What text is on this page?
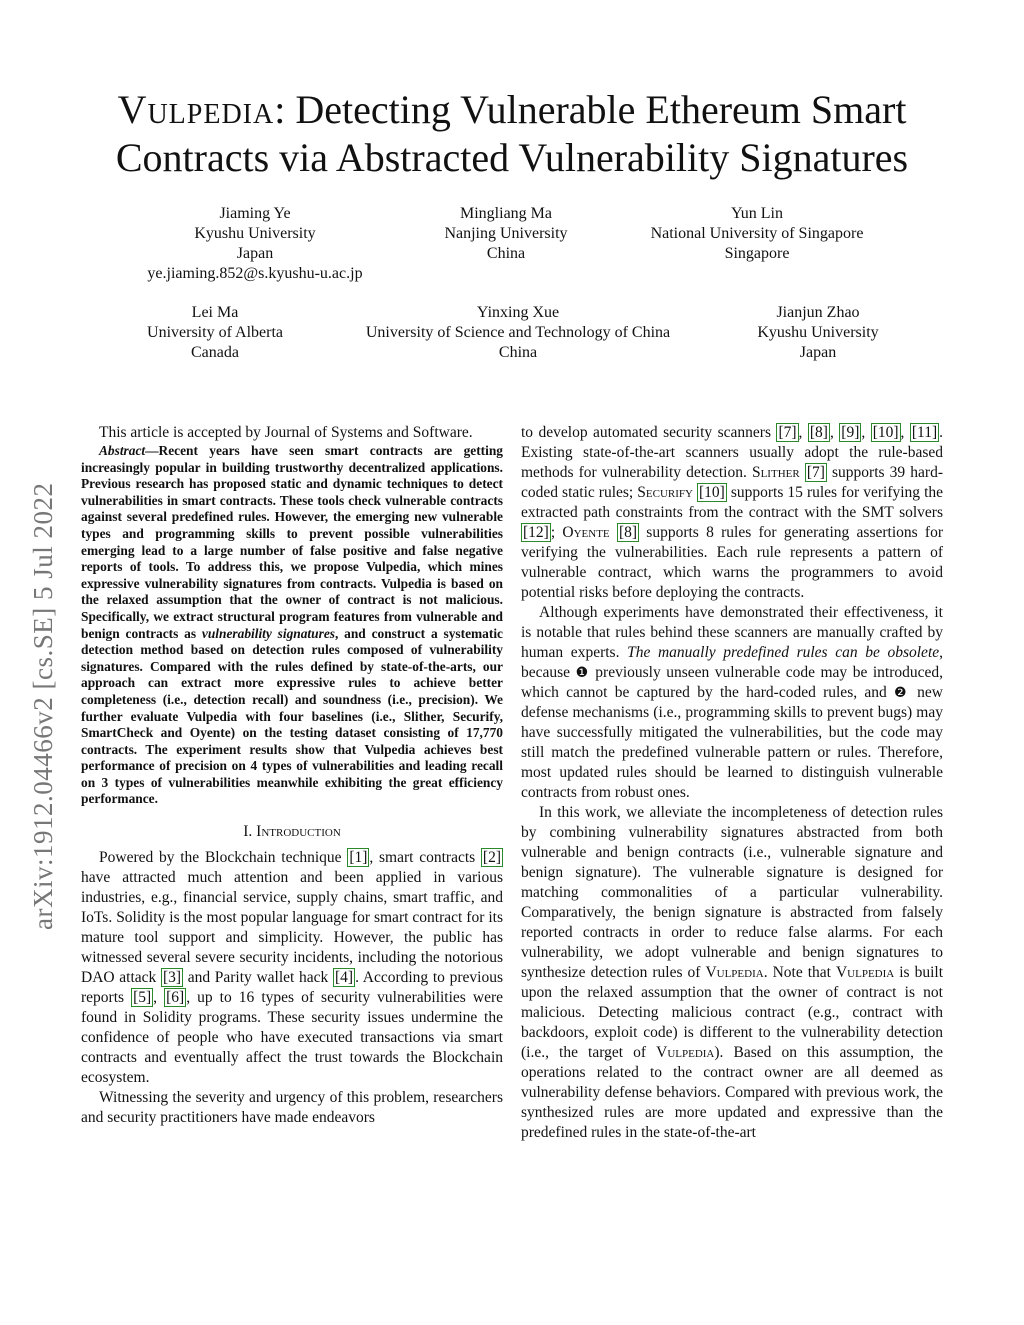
Vulpedia: Detecting Vulnerable Ethereum Smart Contracts via Abstracted Vulnerability Signatures
Jiaming Ye
Kyushu University
Japan
ye.jiaming.852@s.kyushu-u.ac.jp
Mingliang Ma
Nanjing University
China
Yun Lin
National University of Singapore
Singapore
Lei Ma
University of Alberta
Canada
Yinxing Xue
University of Science and Technology of China
China
Jianjun Zhao
Kyushu University
Japan
arXiv:1912.04466v2 [cs.SE] 5 Jul 2022

This article is accepted by Journal of Systems and Software.

Abstract—Recent years have seen smart contracts are getting increasingly popular in building trustworthy decentralized applications. Previous research has proposed static and dynamic techniques to detect vulnerabilities in smart contracts. These tools check vulnerable contracts against several predefined rules. However, the emerging new vulnerable types and programming skills to prevent possible vulnerabilities emerging lead to a large number of false positive and false negative reports of tools. To address this, we propose Vulpedia, which mines expressive vulnerability signatures from contracts. Vulpedia is based on the relaxed assumption that the owner of contract is not malicious. Specifically, we extract structural program features from vulnerable and benign contracts as vulnerability signatures, and construct a systematic detection method based on detection rules composed of vulnerability signatures. Compared with the rules defined by state-of-the-arts, our approach can extract more expressive rules to achieve better completeness (i.e., detection recall) and soundness (i.e., precision). We further evaluate Vulpedia with four baselines (i.e., Slither, Securify, SmartCheck and Oyente) on the testing dataset consisting of 17,770 contracts. The experiment results show that Vulpedia achieves best performance of precision on 4 types of vulnerabilities and leading recall on 3 types of vulnerabilities meanwhile exhibiting the great efficiency performance.

I. Introduction

Powered by the Blockchain technique [1] , smart contracts [2] have attracted much attention and been applied in various industries, e.g., financial service, supply chains, smart traffic, and IoTs. Solidity is the most popular language for smart contract for its mature tool support and simplicity. However, the public has witnessed several severe security incidents, including the notorious DAO attack [3] and Parity wallet hack [4] . According to previous reports [5] , [6] , up to 16 types of security vulnerabilities were found in Solidity programs. These security issues undermine the confidence of people who have executed transactions via smart contracts and eventually affect the trust towards the Blockchain ecosystem.

Witnessing the severity and urgency of this problem, researchers and security practitioners have made endeavors

to develop automated security scanners [7] , [8] , [9] , [10] , [11] . Existing state-of-the-art scanners usually adopt the rule-based methods for vulnerability detection. Slither [7] supports 39 hard-coded static rules; Securify [10] supports 15 rules for verifying the extracted path constraints from the contract with the SMT solvers [12] ; Oyente [8] supports 8 rules for generating assertions for verifying the vulnerabilities. Each rule represents a pattern of vulnerable contract, which warns the programmers to avoid potential risks before deploying the contracts.

Although experiments have demonstrated their effectiveness, it is notable that rules behind these scanners are manually crafted by human experts. The manually predefined rules can be obsolete, because ❶ previously unseen vulnerable code may be introduced, which cannot be captured by the hard-coded rules, and ❷ new defense mechanisms (i.e., programming skills to prevent bugs) may have successfully mitigated the vulnerabilities, but the code may still match the predefined vulnerable pattern or rules. Therefore, most updated rules should be learned to distinguish vulnerable contracts from robust ones.

In this work, we alleviate the incompleteness of detection rules by combining vulnerability signatures abstracted from both vulnerable and benign contracts (i.e., vulnerable signature and benign signature). The vulnerable signature is designed for matching commonalities of a particular vulnerability. Comparatively, the benign signature is abstracted from falsely reported contracts in order to reduce false alarms. For each vulnerability, we adopt vulnerable and benign signatures to synthesize detection rules of Vulpedia. Note that Vulpedia is built upon the relaxed assumption that the owner of contract is not malicious. Detecting malicious contract (e.g., contract with backdoors, exploit code) is different to the vulnerability detection (i.e., the target of Vulpedia). Based on this assumption, the operations related to the contract owner are all deemed as vulnerability defense behaviors. Compared with previous work, the synthesized rules are more updated and expressive than the predefined rules in the state-of-the-art
